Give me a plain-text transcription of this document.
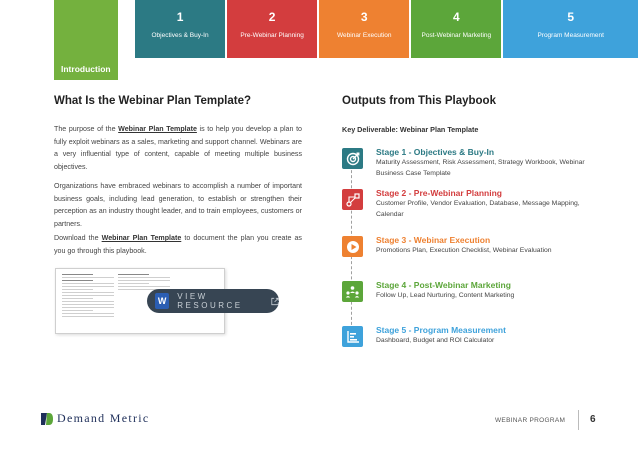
Introduction
1
Objectives & Buy-In
2
Pre-Webinar Planning
3
Webinar Execution
4
Post-Webinar Marketing
5
Program Measurement
What Is the Webinar Plan Template?

The purpose of the Webinar Plan Template is to help you develop a plan to fully exploit webinars as a sales, marketing and support channel. Webinars are a very influential type of content, capable of meeting multiple business objectives.

Organizations have embraced webinars to accomplish a number of important business goals, including lead generation, to establish or strengthen their perception as an industry thought leader, and to train employees, customers or partners.

Download the Webinar Plan Template to document the plan you create as you go through this playbook.

W	VIEW RESOURCE
Outputs from This Playbook
Key Deliverable: Webinar Plan Template
Stage 1 - Objectives & Buy-In
Maturity Assessment, Risk Assessment, Strategy Workbook, Webinar Business Case Template
Stage 2 - Pre-Webinar Planning
Customer Profile, Vendor Evaluation, Database, Message Mapping, Calendar
Stage 3 - Webinar Execution
Promotions Plan, Execution Checklist, Webinar Evaluation
Stage 4 - Post-Webinar Marketing
Follow Up, Lead Nurturing, Content Marketing
Stage 5 - Program Measurement
Dashboard, Budget and ROI Calculator
Demand Metric	WEBINAR PROGRAM 6
